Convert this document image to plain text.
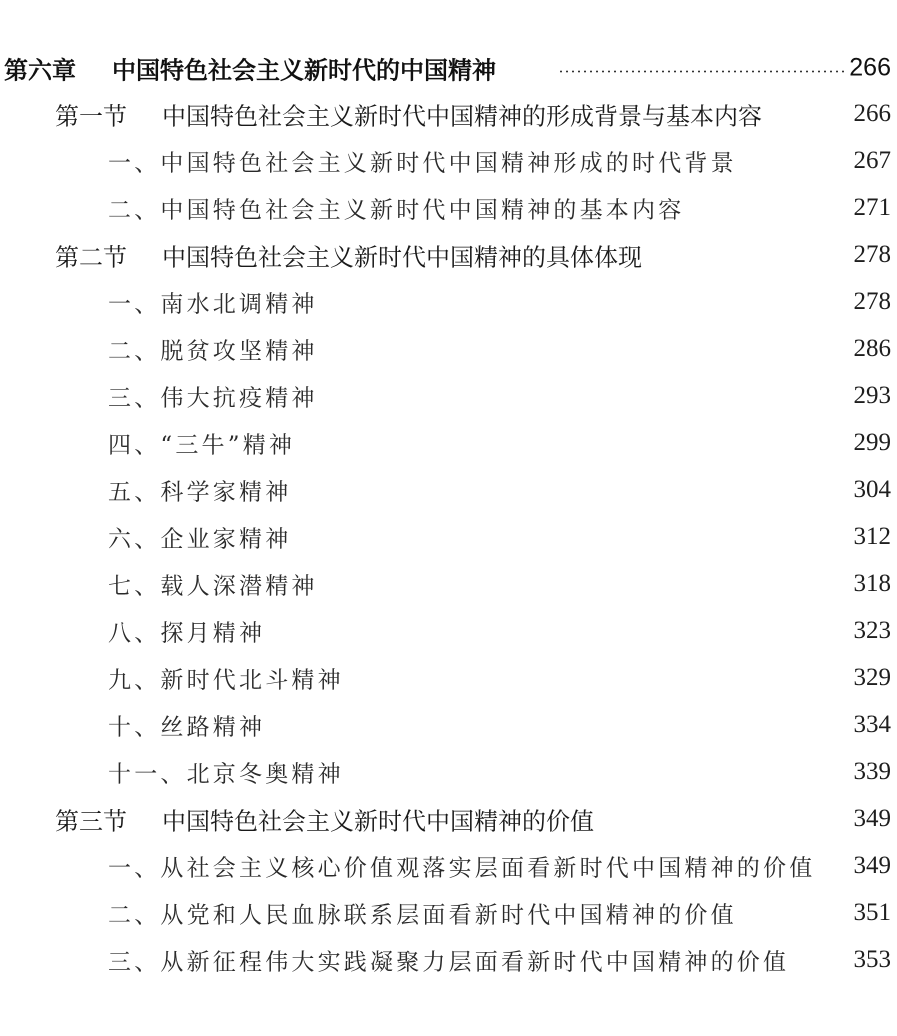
第六章 中国特色社会主义新时代的中国精神	266
第一节 中国特色社会主义新时代中国精神的形成背景与基本内容	266
一、中国特色社会主义新时代中国精神形成的时代背景	267
二、中国特色社会主义新时代中国精神的基本内容	271
第二节 中国特色社会主义新时代中国精神的具体体现	278
一、南水北调精神	278
二、脱贫攻坚精神	286
三、伟大抗疫精神	293
四、“三牛”精神	299
五、科学家精神	304
六、企业家精神	312
七、载人深潜精神	318
八、探月精神	323
九、新时代北斗精神	329
十、丝路精神	334
十一、北京冬奥精神	339
第三节 中国特色社会主义新时代中国精神的价值	349
一、从社会主义核心价值观落实层面看新时代中国精神的价值 349
二、从党和人民血脉联系层面看新时代中国精神的价值	351
三、从新征程伟大实践凝聚力层面看新时代中国精神的价值	353
